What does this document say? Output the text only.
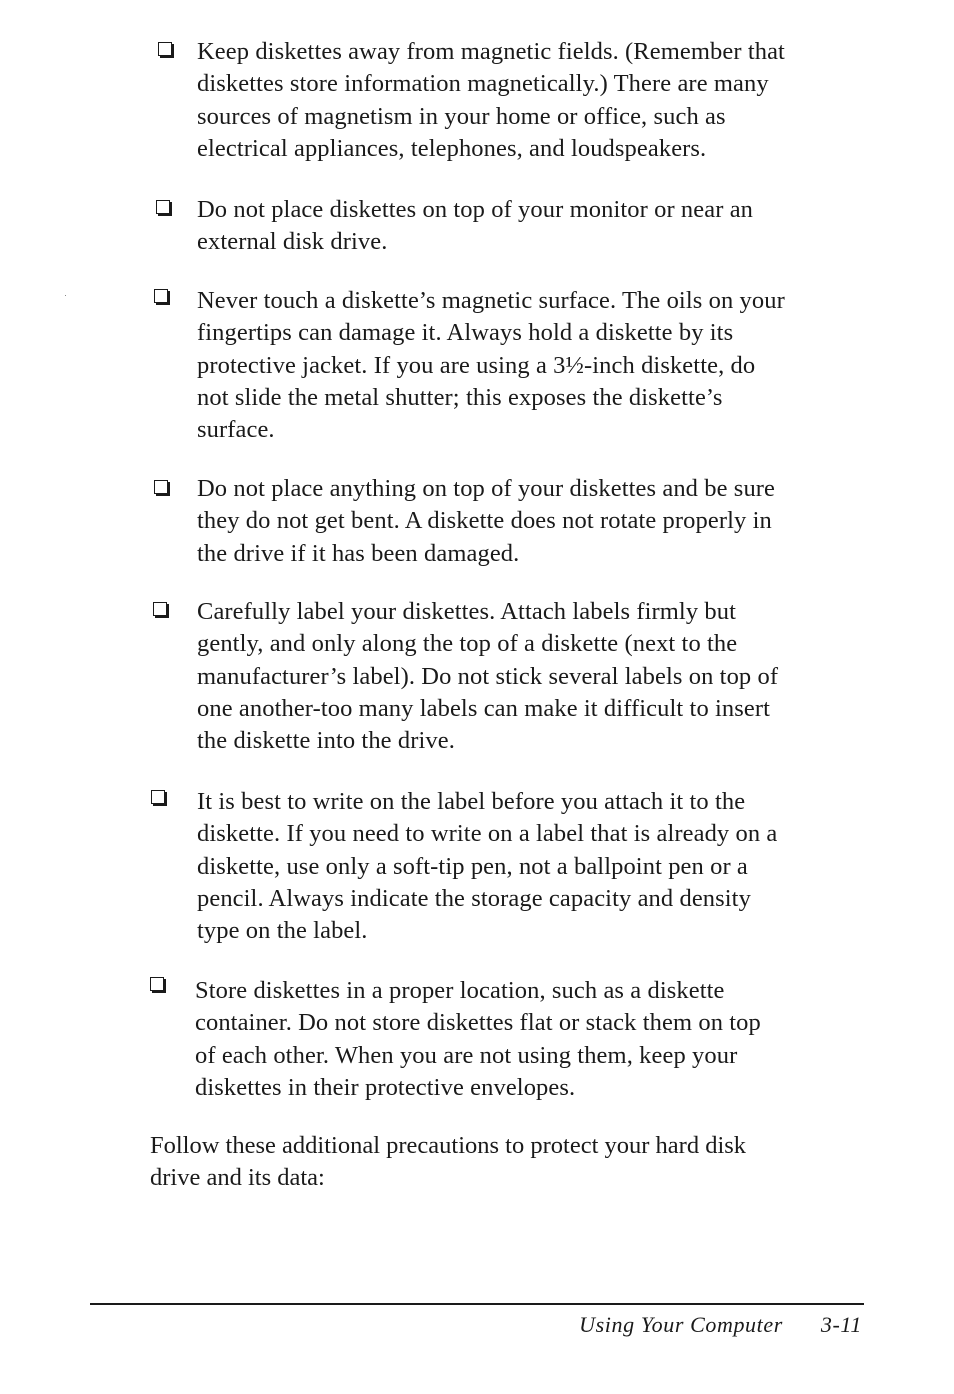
Keep diskettes away from magnetic fields. (Remember that
diskettes store information magnetically.) There are many
sources of magnetism in your home or office, such as
electrical appliances, telephones, and loudspeakers.

Do not place diskettes on top of your monitor or near an
external disk drive.

Never touch a diskette’s magnetic surface. The oils on your
fingertips can damage it. Always hold a diskette by its
protective jacket. If you are using a 3½-inch diskette, do
not slide the metal shutter; this exposes the diskette’s
surface.

Do not place anything on top of your diskettes and be sure
they do not get bent. A diskette does not rotate properly in
the drive if it has been damaged.

Carefully label your diskettes. Attach labels firmly but
gently, and only along the top of a diskette (next to the
manufacturer’s label). Do not stick several labels on top of
one another-too many labels can make it difficult to insert
the diskette into the drive.

It is best to write on the label before you attach it to the
diskette. If you need to write on a label that is already on a
diskette, use only a soft-tip pen, not a ballpoint pen or a
pencil. Always indicate the storage capacity and density
type on the label.

Store diskettes in a proper location, such as a diskette
container. Do not store diskettes flat or stack them on top
of each other. When you are not using them, keep your
diskettes in their protective envelopes.

Follow these additional precautions to protect your hard disk
drive and its data:

Using Your Computer 3-11
